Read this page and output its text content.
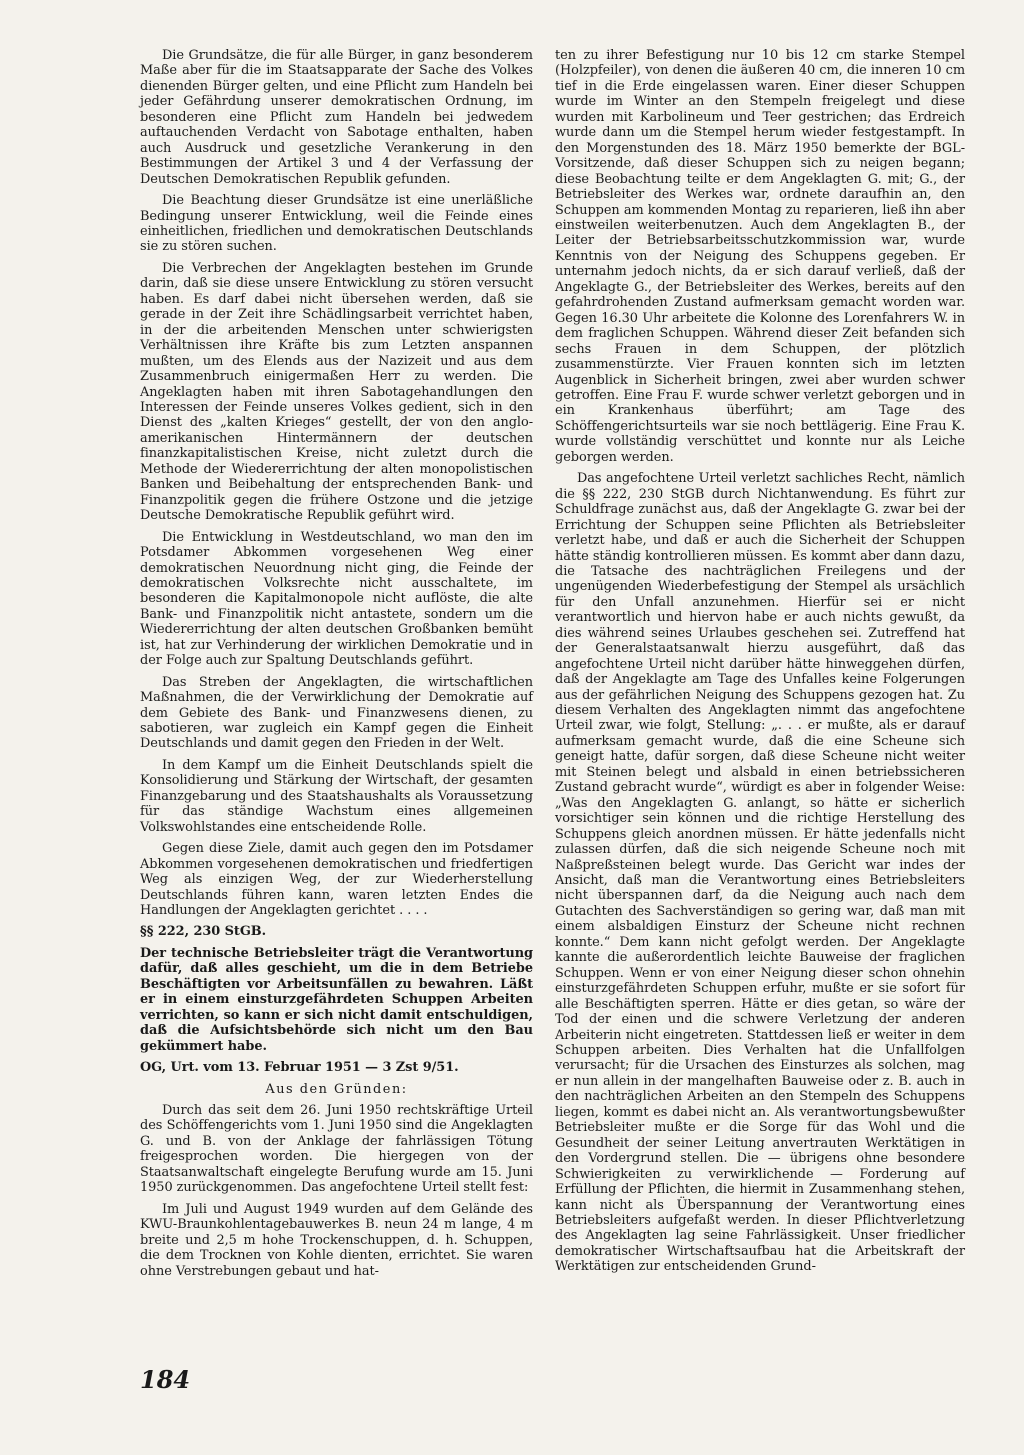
Die Grundsätze, die für alle Bürger, in ganz besonderem Maße aber für die im Staatsapparate der Sache des Volkes dienenden Bürger gelten, und eine Pflicht zum Handeln bei jeder Gefährdung unserer demokratischen Ordnung, im besonderen eine Pflicht zum Handeln bei jedwedem auftauchenden Verdacht von Sabotage enthalten, haben auch Ausdruck und gesetzliche Verankerung in den Bestimmungen der Artikel 3 und 4 der Verfassung der Deutschen Demokratischen Republik gefunden.

Die Beachtung dieser Grundsätze ist eine unerläßliche Bedingung unserer Entwicklung, weil die Feinde eines einheitlichen, friedlichen und demokratischen Deutschlands sie zu stören suchen.

Die Verbrechen der Angeklagten bestehen im Grunde darin, daß sie diese unsere Entwicklung zu stören versucht haben. Es darf dabei nicht übersehen werden, daß sie gerade in der Zeit ihre Schädlingsarbeit verrichtet haben, in der die arbeitenden Menschen unter schwierigsten Verhältnissen ihre Kräfte bis zum Letzten anspannen mußten, um des Elends aus der Nazizeit und aus dem Zusammenbruch einigermaßen Herr zu werden. Die Angeklagten haben mit ihren Sabotagehandlungen den Interessen der Feinde unseres Volkes gedient, sich in den Dienst des „kalten Krieges“ gestellt, der von den anglo-amerikanischen Hintermännern der deutschen finanzkapitalistischen Kreise, nicht zuletzt durch die Methode der Wiedererrichtung der alten monopolistischen Banken und Beibehaltung der entsprechenden Bank- und Finanzpolitik gegen die frühere Ostzone und die jetzige Deutsche Demokratische Republik geführt wird.

Die Entwicklung in Westdeutschland, wo man den im Potsdamer Abkommen vorgesehenen Weg einer demokratischen Neuordnung nicht ging, die Feinde der demokratischen Volksrechte nicht ausschaltete, im besonderen die Kapitalmonopole nicht auflöste, die alte Bank- und Finanzpolitik nicht antastete, sondern um die Wiedererrichtung der alten deutschen Großbanken bemüht ist, hat zur Verhinderung der wirklichen Demokratie und in der Folge auch zur Spaltung Deutschlands geführt.

Das Streben der Angeklagten, die wirtschaftlichen Maßnahmen, die der Verwirklichung der Demokratie auf dem Gebiete des Bank- und Finanzwesens dienen, zu sabotieren, war zugleich ein Kampf gegen die Einheit Deutschlands und damit gegen den Frieden in der Welt.

In dem Kampf um die Einheit Deutschlands spielt die Konsolidierung und Stärkung der Wirtschaft, der gesamten Finanzgebarung und des Staatshaushalts als Voraussetzung für das ständige Wachstum eines allgemeinen Volkswohlstandes eine entscheidende Rolle.

Gegen diese Ziele, damit auch gegen den im Potsdamer Abkommen vorgesehenen demokratischen und friedfertigen Weg als einzigen Weg, der zur Wiederherstellung Deutschlands führen kann, waren letzten Endes die Handlungen der Angeklagten gerichtet . . . .

§§ 222, 230 StGB.

Der technische Betriebsleiter trägt die Verantwortung dafür, daß alles geschieht, um die in dem Betriebe Beschäftigten vor Arbeitsunfällen zu bewahren. Läßt er in einem einsturzgefährdeten Schuppen Arbeiten verrichten, so kann er sich nicht damit entschuldigen, daß die Aufsichtsbehörde sich nicht um den Bau gekümmert habe.

OG, Urt. vom 13. Februar 1951 — 3 Zst 9/51.

Aus den Gründen:

Durch das seit dem 26. Juni 1950 rechtskräftige Urteil des Schöffengerichts vom 1. Juni 1950 sind die Angeklagten G. und B. von der Anklage der fahrlässigen Tötung freigesprochen worden. Die hiergegen von der Staatsanwaltschaft eingelegte Berufung wurde am 15. Juni 1950 zurückgenommen. Das angefochtene Urteil stellt fest:

Im Juli und August 1949 wurden auf dem Gelände des KWU-Braunkohlentagebauwerkes B. neun 24 m lange, 4 m breite und 2,5 m hohe Trockenschuppen, d. h. Schuppen, die dem Trocknen von Kohle dienten, errichtet. Sie waren ohne Verstrebungen gebaut und hat-

ten zu ihrer Befestigung nur 10 bis 12 cm starke Stempel (Holzpfeiler), von denen die äußeren 40 cm, die inneren 10 cm tief in die Erde eingelassen waren. Einer dieser Schuppen wurde im Winter an den Stempeln freigelegt und diese wurden mit Karbolineum und Teer gestrichen; das Erdreich wurde dann um die Stempel herum wieder festgestampft. In den Morgenstunden des 18. März 1950 bemerkte der BGL-Vorsitzende, daß dieser Schuppen sich zu neigen begann; diese Beobachtung teilte er dem Angeklagten G. mit; G., der Betriebsleiter des Werkes war, ordnete daraufhin an, den Schuppen am kommenden Montag zu reparieren, ließ ihn aber einstweilen weiterbenutzen. Auch dem Angeklagten B., der Leiter der Betriebsarbeitsschutzkommission war, wurde Kenntnis von der Neigung des Schuppens gegeben. Er unternahm jedoch nichts, da er sich darauf verließ, daß der Angeklagte G., der Betriebsleiter des Werkes, bereits auf den gefahrdrohenden Zustand aufmerksam gemacht worden war. Gegen 16.30 Uhr arbeitete die Kolonne des Lorenfahrers W. in dem fraglichen Schuppen. Während dieser Zeit befanden sich sechs Frauen in dem Schuppen, der plötzlich zusammenstürzte. Vier Frauen konnten sich im letzten Augenblick in Sicherheit bringen, zwei aber wurden schwer getroffen. Eine Frau F. wurde schwer verletzt geborgen und in ein Krankenhaus überführt; am Tage des Schöffengerichtsurteils war sie noch bettlägerig. Eine Frau K. wurde vollständig verschüttet und konnte nur als Leiche geborgen werden.

Das angefochtene Urteil verletzt sachliches Recht, nämlich die §§ 222, 230 StGB durch Nichtanwendung. Es führt zur Schuldfrage zunächst aus, daß der Angeklagte G. zwar bei der Errichtung der Schuppen seine Pflichten als Betriebsleiter verletzt habe, und daß er auch die Sicherheit der Schuppen hätte ständig kontrollieren müssen. Es kommt aber dann dazu, die Tatsache des nachträglichen Freilegens und der ungenügenden Wiederbefestigung der Stempel als ursächlich für den Unfall anzunehmen. Hierfür sei er nicht verantwortlich und hiervon habe er auch nichts gewußt, da dies während seines Urlaubes geschehen sei. Zutreffend hat der Generalstaatsanwalt hierzu ausgeführt, daß das angefochtene Urteil nicht darüber hätte hinweggehen dürfen, daß der Angeklagte am Tage des Unfalles keine Folgerungen aus der gefährlichen Neigung des Schuppens gezogen hat. Zu diesem Verhalten des Angeklagten nimmt das angefochtene Urteil zwar, wie folgt, Stellung: „. . . er mußte, als er darauf aufmerksam gemacht wurde, daß die eine Scheune sich geneigt hatte, dafür sorgen, daß diese Scheune nicht weiter mit Steinen belegt und alsbald in einen betriebssicheren Zustand gebracht wurde“, würdigt es aber in folgender Weise: „Was den Angeklagten G. anlangt, so hätte er sicherlich vorsichtiger sein können und die richtige Herstellung des Schuppens gleich anordnen müssen. Er hätte jedenfalls nicht zulassen dürfen, daß die sich neigende Scheune noch mit Naßpreßsteinen belegt wurde. Das Gericht war indes der Ansicht, daß man die Verantwortung eines Betriebsleiters nicht überspannen darf, da die Neigung auch nach dem Gutachten des Sachverständigen so gering war, daß man mit einem alsbaldigen Einsturz der Scheune nicht rechnen konnte.“ Dem kann nicht gefolgt werden. Der Angeklagte kannte die außerordentlich leichte Bauweise der fraglichen Schuppen. Wenn er von einer Neigung dieser schon ohnehin einsturzgefährdeten Schuppen erfuhr, mußte er sie sofort für alle Beschäftigten sperren. Hätte er dies getan, so wäre der Tod der einen und die schwere Verletzung der anderen Arbeiterin nicht eingetreten. Stattdessen ließ er weiter in dem Schuppen arbeiten. Dies Verhalten hat die Unfallfolgen verursacht; für die Ursachen des Einsturzes als solchen, mag er nun allein in der mangelhaften Bauweise oder z. B. auch in den nachträglichen Arbeiten an den Stempeln des Schuppens liegen, kommt es dabei nicht an. Als verantwortungsbewußter Betriebsleiter mußte er die Sorge für das Wohl und die Gesundheit der seiner Leitung anvertrauten Werktätigen in den Vordergrund stellen. Die — übrigens ohne besondere Schwierigkeiten zu verwirklichende — Forderung auf Erfüllung der Pflichten, die hiermit in Zusammenhang stehen, kann nicht als Überspannung der Verantwortung eines Betriebsleiters aufgefaßt werden. In dieser Pflichtverletzung des Angeklagten lag seine Fahrlässigkeit. Unser friedlicher demokratischer Wirtschaftsaufbau hat die Arbeitskraft der Werktätigen zur entscheidenden Grund-

184
